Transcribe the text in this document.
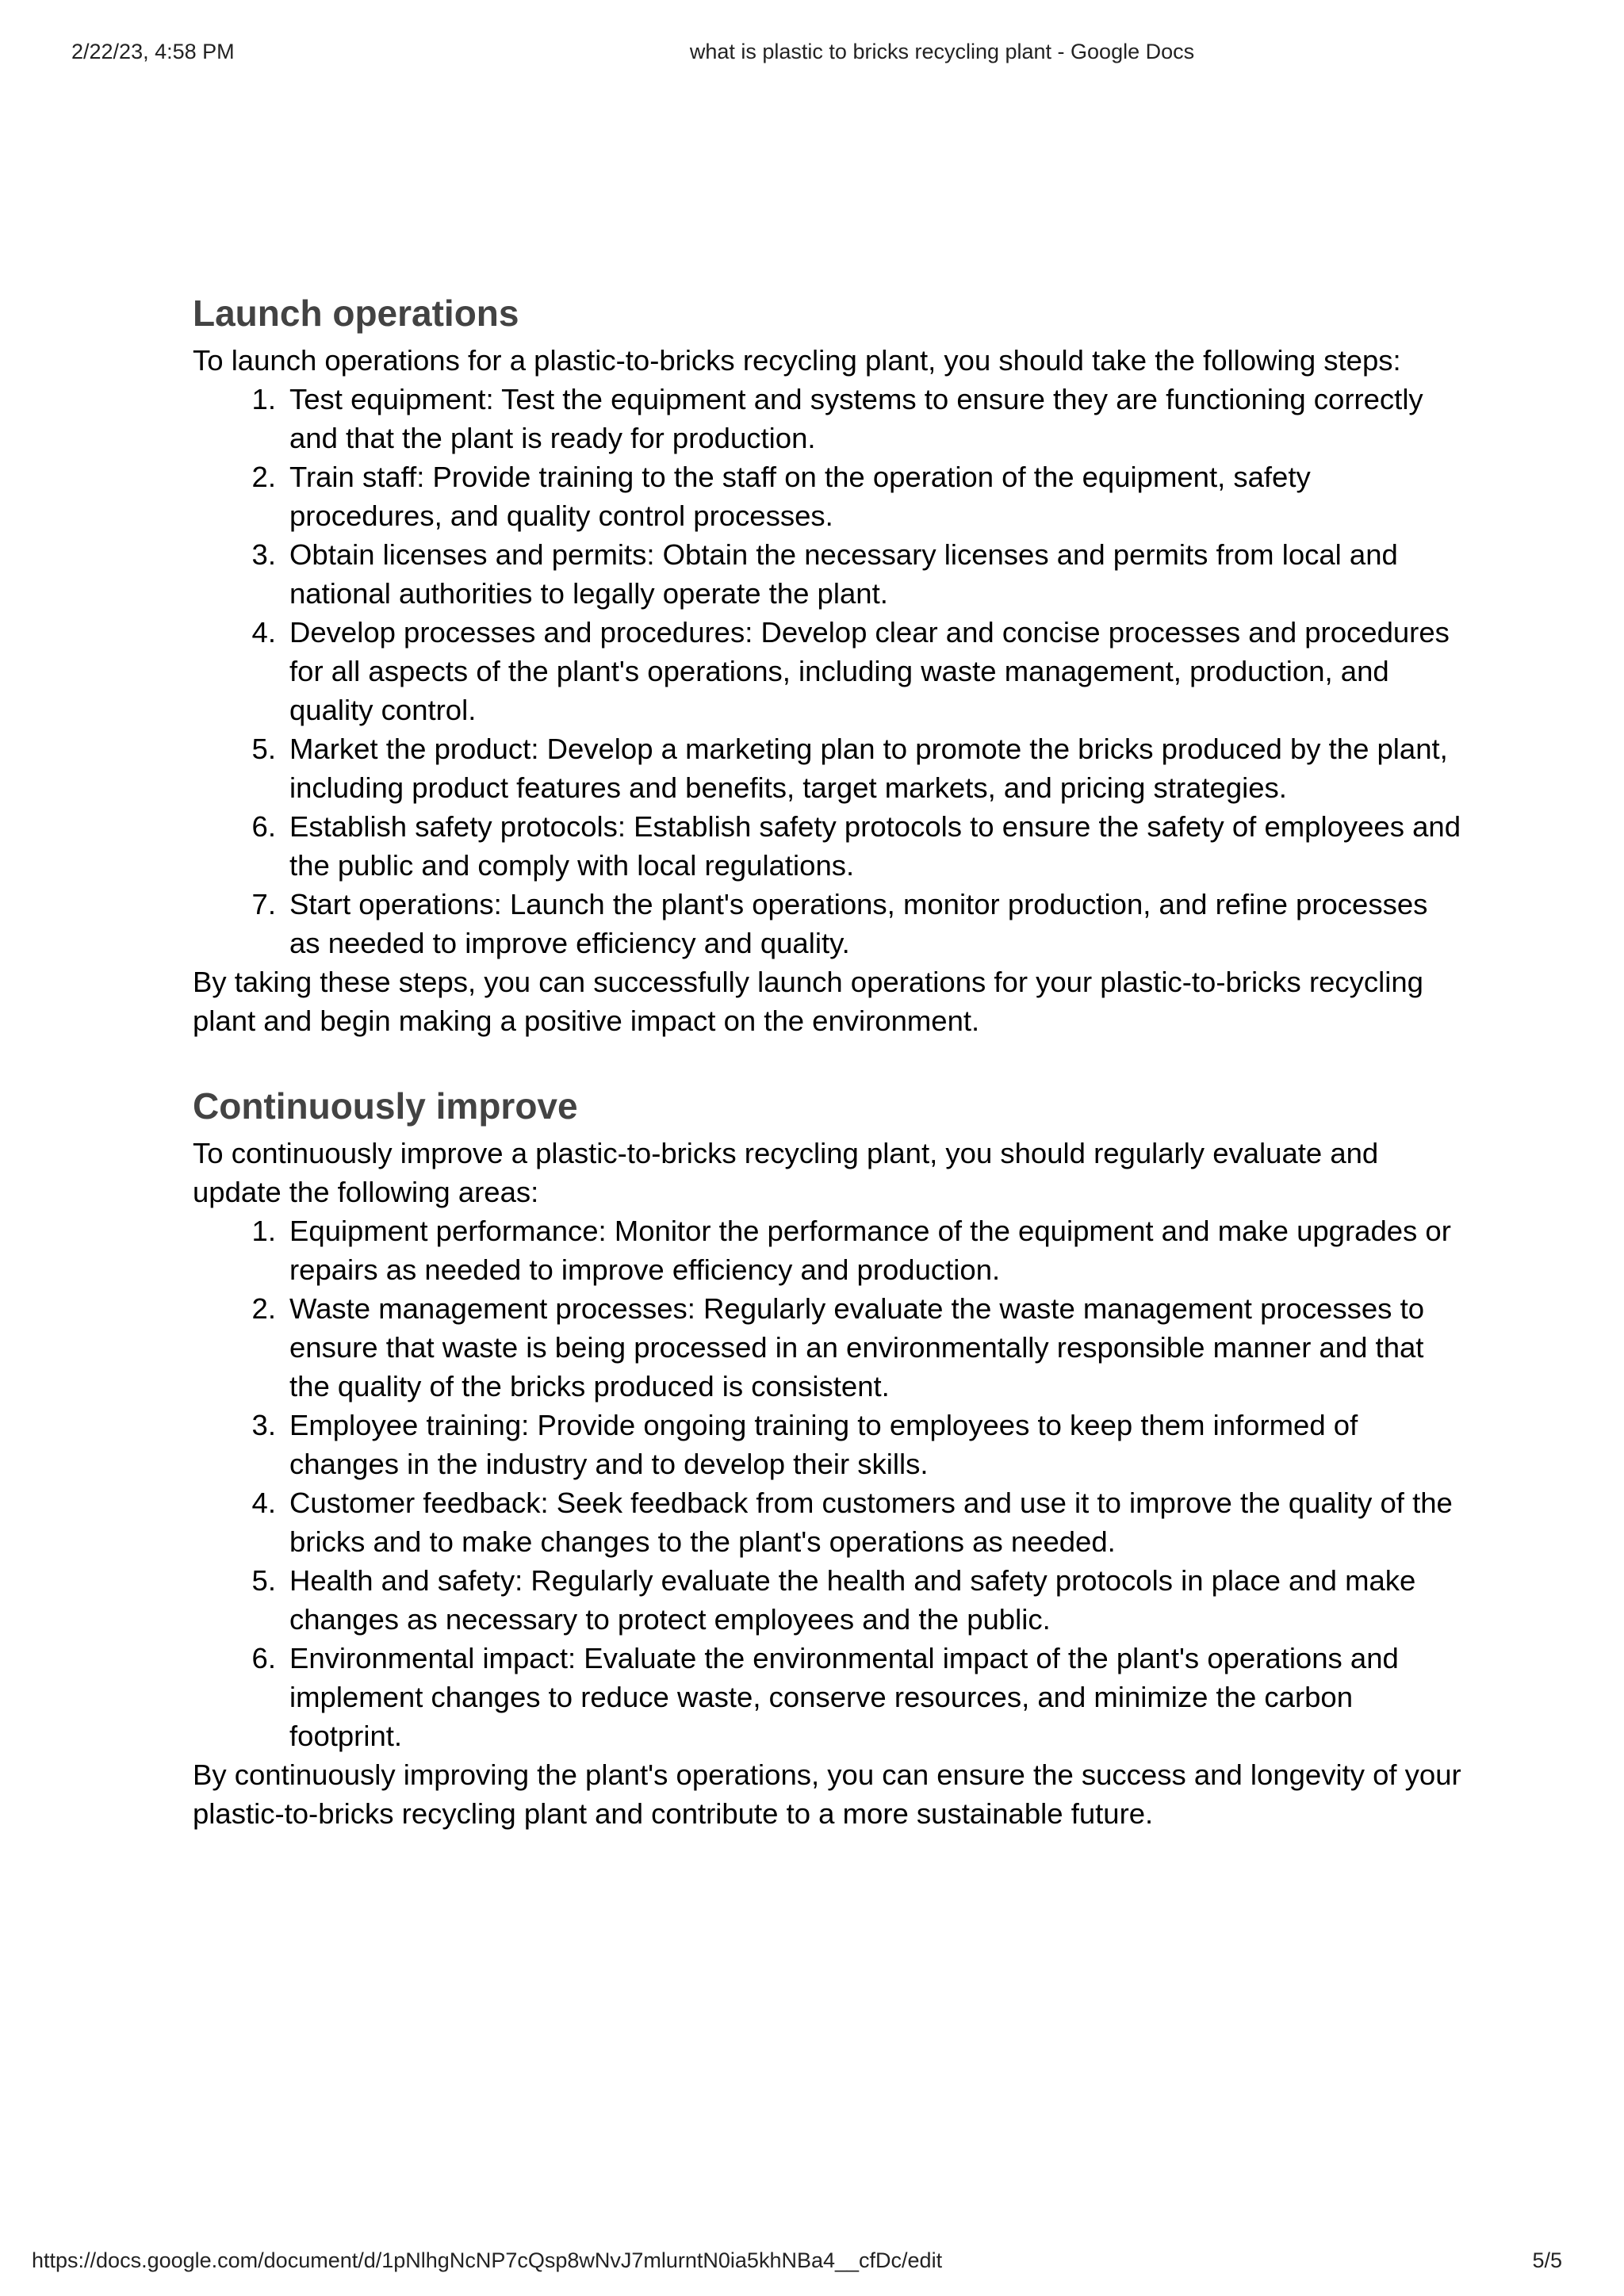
2/22/23, 4:58 PM	what is plastic to bricks recycling plant - Google Docs
Launch operations

To launch operations for a plastic-to-bricks recycling plant, you should take the following steps:

1. Test equipment: Test the equipment and systems to ensure they are functioning correctly and that the plant is ready for production.
2. Train staff: Provide training to the staff on the operation of the equipment, safety procedures, and quality control processes.
3. Obtain licenses and permits: Obtain the necessary licenses and permits from local and national authorities to legally operate the plant.
4. Develop processes and procedures: Develop clear and concise processes and procedures for all aspects of the plant's operations, including waste management, production, and quality control.
5. Market the product: Develop a marketing plan to promote the bricks produced by the plant, including product features and benefits, target markets, and pricing strategies.
6. Establish safety protocols: Establish safety protocols to ensure the safety of employees and the public and comply with local regulations.
7. Start operations: Launch the plant's operations, monitor production, and refine processes as needed to improve efficiency and quality.

By taking these steps, you can successfully launch operations for your plastic-to-bricks recycling plant and begin making a positive impact on the environment.

Continuously improve

To continuously improve a plastic-to-bricks recycling plant, you should regularly evaluate and update the following areas:

1. Equipment performance: Monitor the performance of the equipment and make upgrades or repairs as needed to improve efficiency and production.
2. Waste management processes: Regularly evaluate the waste management processes to ensure that waste is being processed in an environmentally responsible manner and that the quality of the bricks produced is consistent.
3. Employee training: Provide ongoing training to employees to keep them informed of changes in the industry and to develop their skills.
4. Customer feedback: Seek feedback from customers and use it to improve the quality of the bricks and to make changes to the plant's operations as needed.
5. Health and safety: Regularly evaluate the health and safety protocols in place and make changes as necessary to protect employees and the public.
6. Environmental impact: Evaluate the environmental impact of the plant's operations and implement changes to reduce waste, conserve resources, and minimize the carbon footprint.

By continuously improving the plant's operations, you can ensure the success and longevity of your plastic-to-bricks recycling plant and contribute to a more sustainable future.

https://docs.google.com/document/d/1pNlhgNcNP7cQsp8wNvJ7mlurntN0ia5khNBa4__cfDc/edit	5/5
